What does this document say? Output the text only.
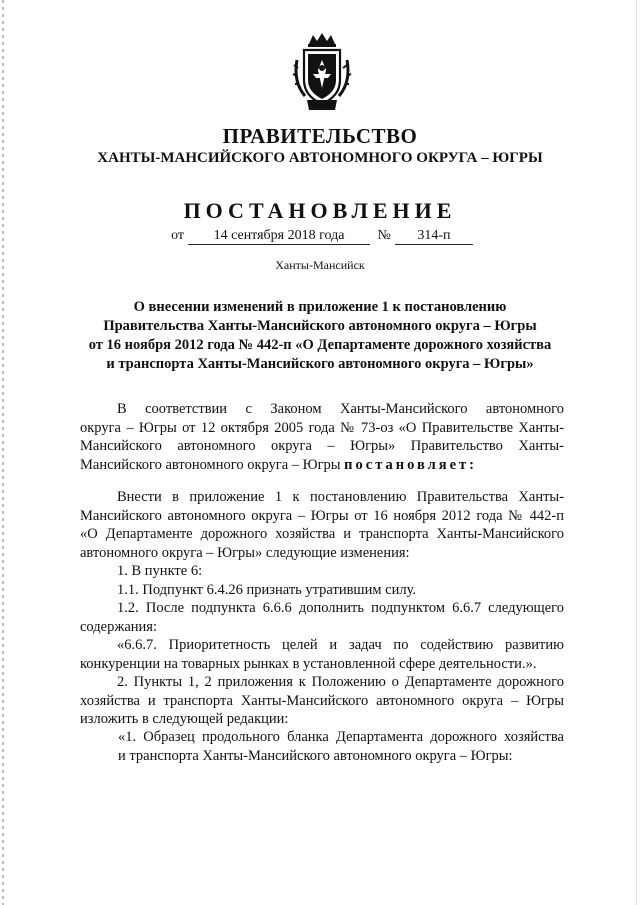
ПРАВИТЕЛЬСТВО
ХАНТЫ-МАНСИЙСКОГО АВТОНОМНОГО ОКРУГА – ЮГРЫ
ПОСТАНОВЛЕНИЕ
от 14 сентября 2018 года № 314-п
Ханты-Мансийск
О внесении изменений в приложение 1 к постановлению
Правительства Ханты-Мансийского автономного округа – Югры
от 16 ноября 2012 года № 442-п «О Департаменте дорожного хозяйства
и транспорта Ханты-Мансийского автономного округа – Югры»
В соответствии с Законом Ханты-Мансийского автономного
округа – Югры от 12 октября 2005 года № 73-оз «О Правительстве Ханты-
Мансийского автономного округа – Югры» Правительство Ханты-
Мансийского автономного округа – Югры постановляет:
Внести в приложение 1 к постановлению Правительства Ханты-
Мансийского автономного округа – Югры от 16 ноября 2012 года № 442-п
«О Департаменте дорожного хозяйства и транспорта Ханты-Мансийского
автономного округа – Югры» следующие изменения:
1. В пункте 6:
1.1. Подпункт 6.4.26 признать утратившим силу.
1.2. После подпункта 6.6.6 дополнить подпунктом 6.6.7 следующего
содержания:
«6.6.7. Приоритетность целей и задач по содействию развитию
конкуренции на товарных рынках в установленной сфере деятельности.».
2. Пункты 1, 2 приложения к Положению о Департаменте дорожного
хозяйства и транспорта Ханты-Мансийского автономного округа – Югры
изложить в следующей редакции:
«1. Образец продольного бланка Департамента дорожного хозяйства
и транспорта Ханты-Мансийского автономного округа – Югры:
